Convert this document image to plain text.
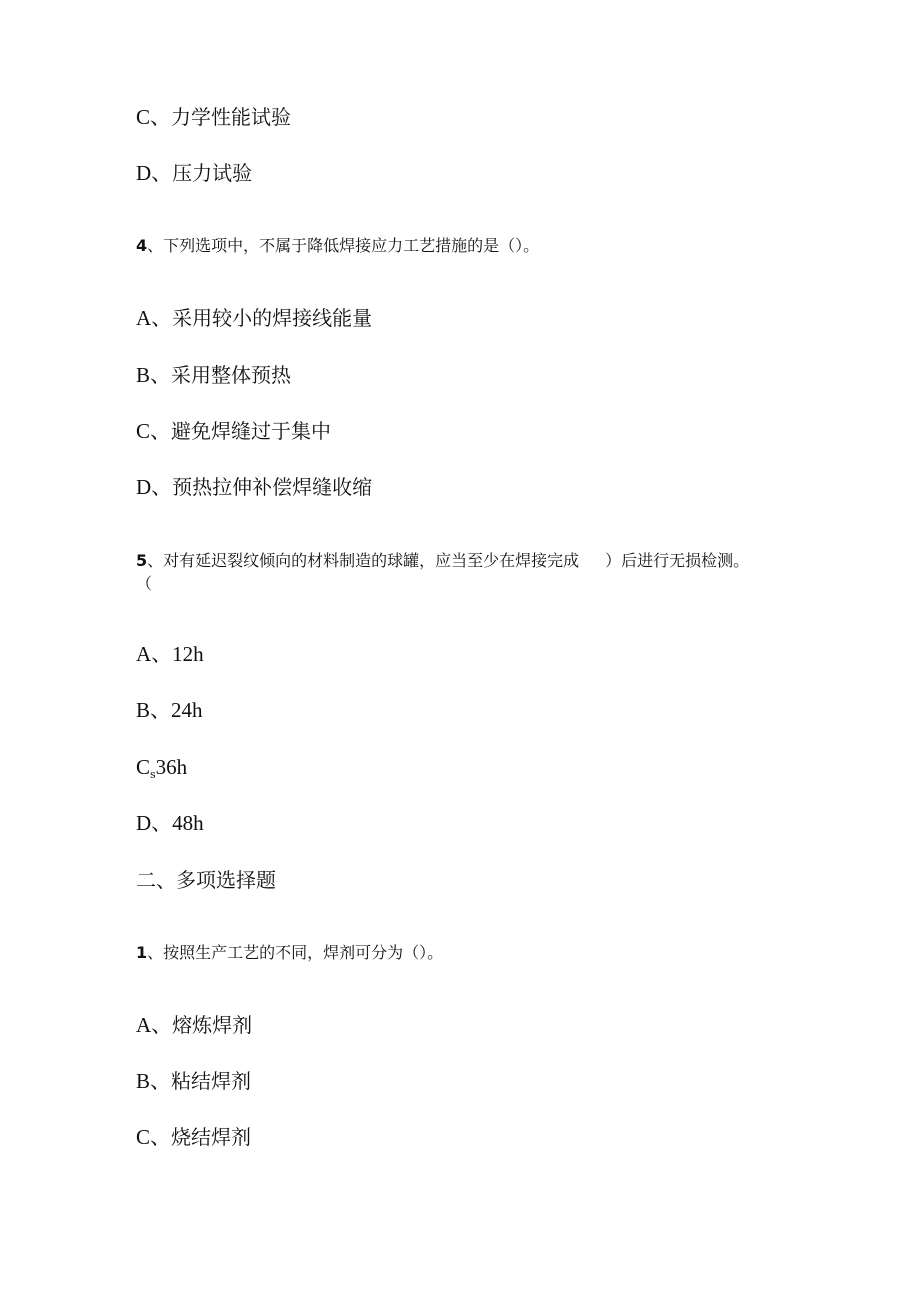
C、力学性能试验
D、压力试验
4、下列选项中，不属于降低焊接应力工艺措施的是（）。
A、采用较小的焊接线能量
B、采用整体预热
C、避免焊缝过于集中
D、预热拉伸补偿焊缝收缩
5、对有延迟裂纹倾向的材料制造的球罐，应当至少在焊接完成 ）后进行无损检测。
（
A、12h
B、24h
$C_s36h$
D、48h
二、多项选择题
1、按照生产工艺的不同，焊剂可分为（）。
A、熔炼焊剂
B、粘结焊剂
C、烧结焊剂
